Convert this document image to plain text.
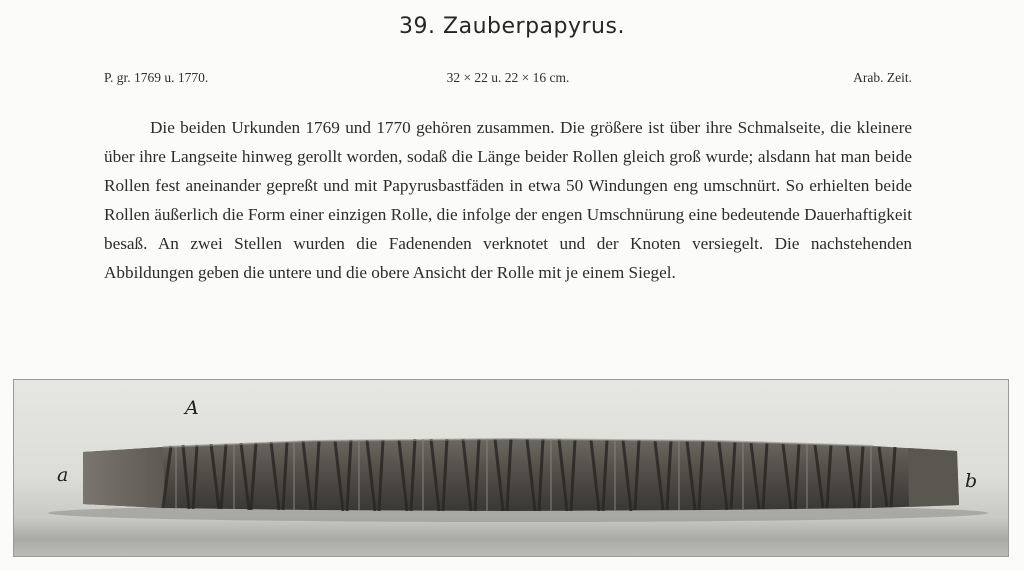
39. Zauberpapyrus.
P. gr. 1769 u. 1770.	32 × 22 u. 22 × 16 cm.	Arab. Zeit.

Die beiden Urkunden 1769 und 1770 gehören zusammen. Die größere ist über ihre Schmalseite, die kleinere über ihre Langseite hinweg gerollt worden, sodaß die Länge beider Rollen gleich groß wurde; alsdann hat man beide Rollen fest aneinander gepreßt und mit Papyrusbastfäden in etwa 50 Windungen eng umschnürt. So erhielten beide Rollen äußerlich die Form einer einzigen Rolle, die infolge der engen Umschnürung eine bedeutende Dauerhaftigkeit besaß. An zwei Stellen wurden die Fadenenden verknotet und der Knoten versiegelt. Die nachstehenden Abbildungen geben die untere und die obere Ansicht der Rolle mit je einem Siegel.

A
a	b
